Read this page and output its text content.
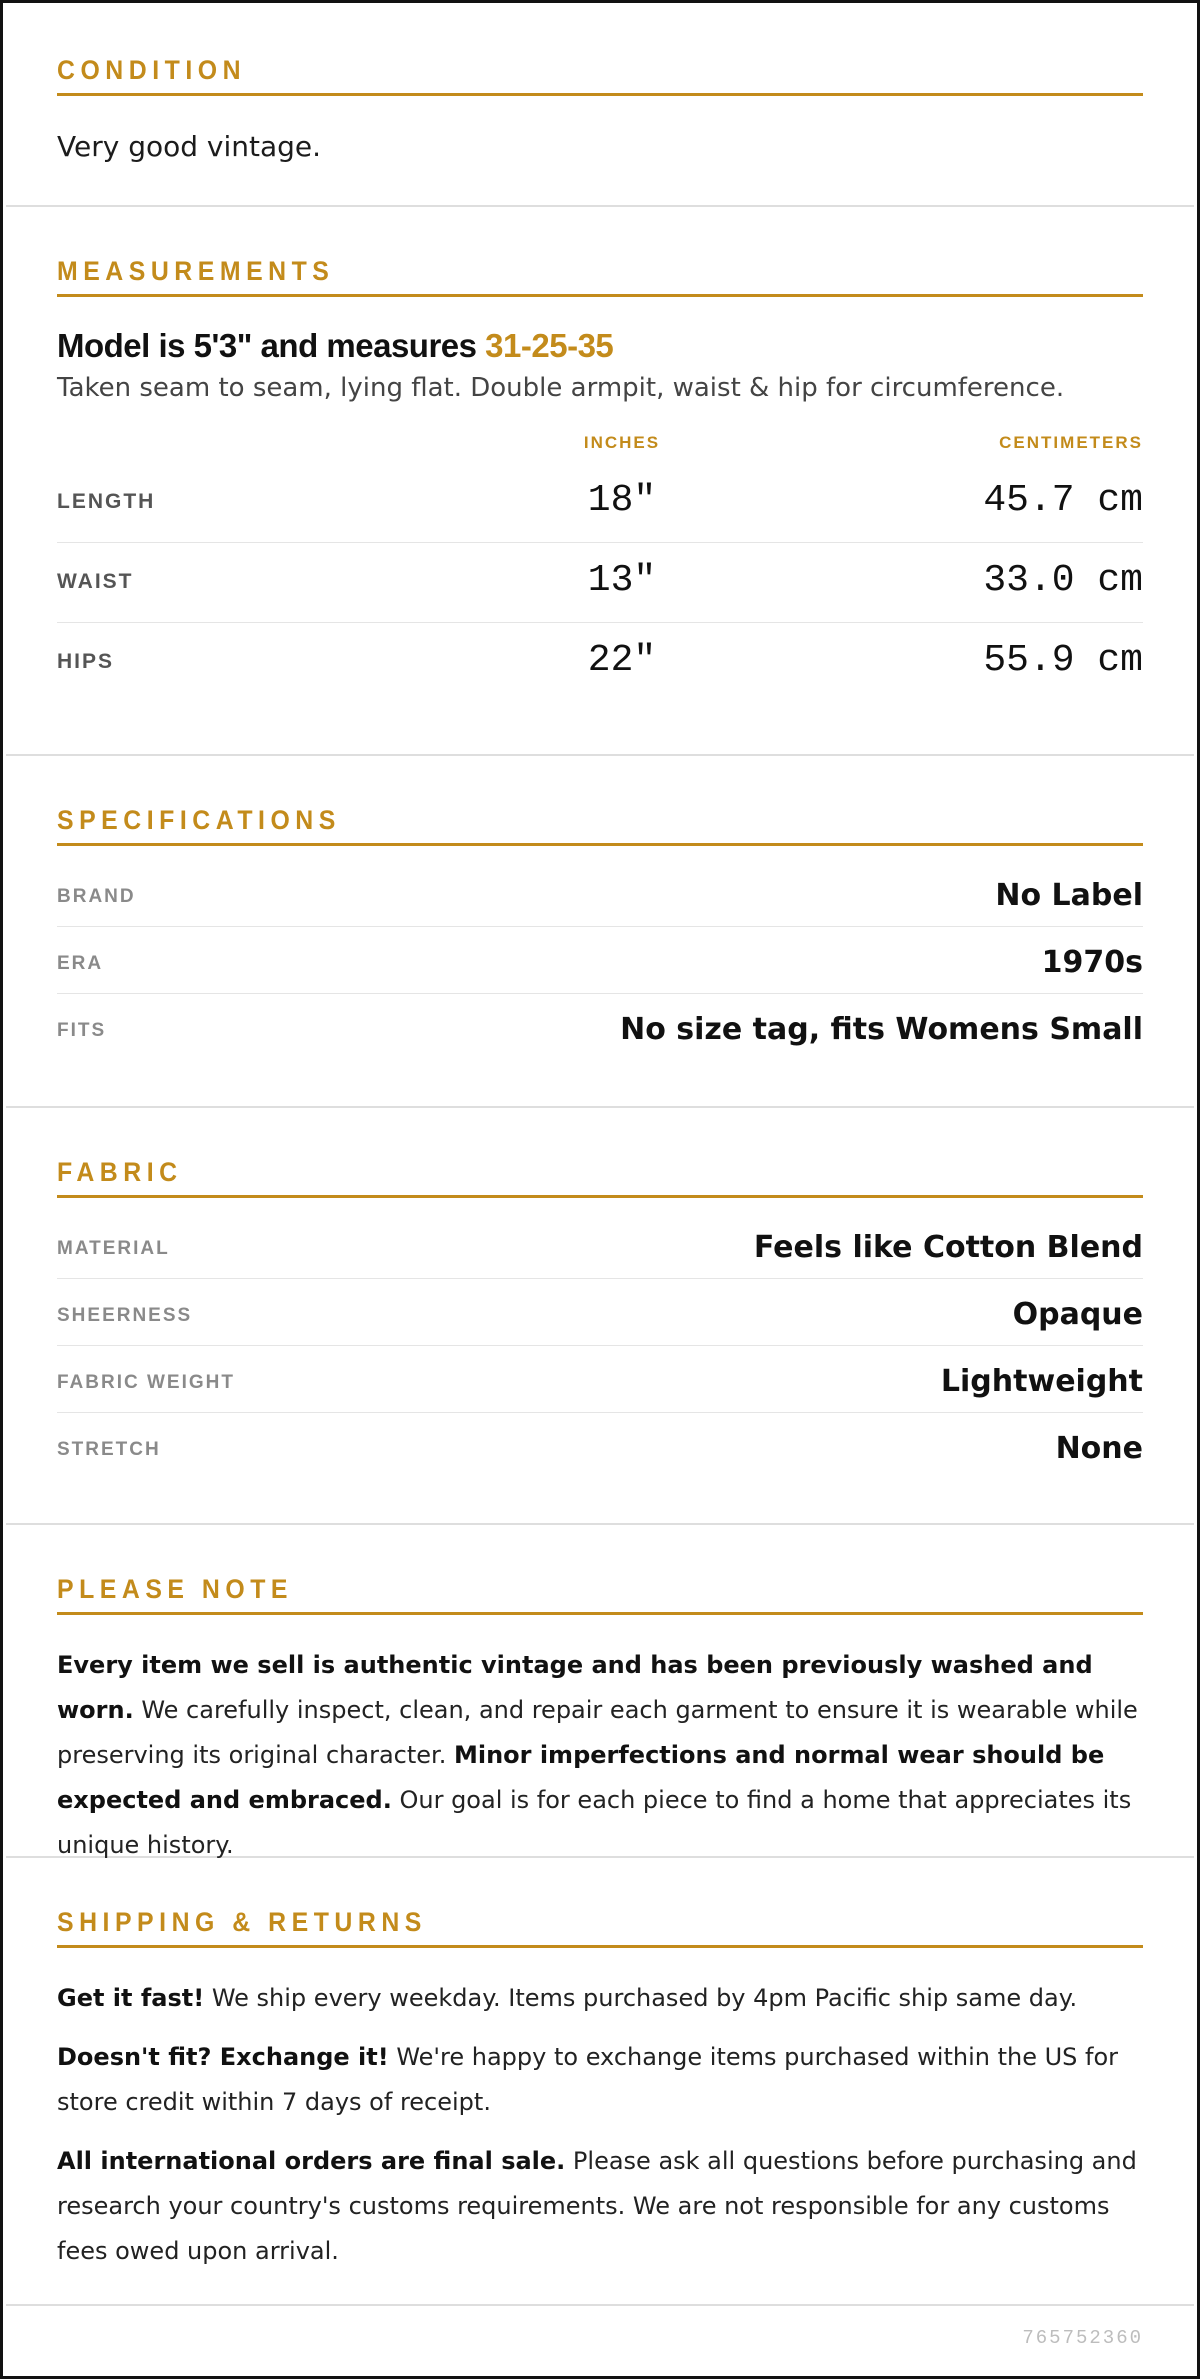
CONDITION
Very good vintage.
MEASUREMENTS
Model is 5'3" and measures 31-25-35
Taken seam to seam, lying flat. Double armpit, waist & hip for circumference.
INCHES	CENTIMETERS
LENGTH	18"	45.7 cm
WAIST	13"	33.0 cm
HIPS	22"	55.9 cm
SPECIFICATIONS
BRAND	No Label
ERA	1970s
FITS	No size tag, fits Womens Small
FABRIC
MATERIAL	Feels like Cotton Blend
SHEERNESS	Opaque
FABRIC WEIGHT	Lightweight
STRETCH	None
PLEASE NOTE

Every item we sell is authentic vintage and has been previously washed and worn. We carefully inspect, clean, and repair each garment to ensure it is wearable while preserving its original character. Minor imperfections and normal wear should be expected and embraced. Our goal is for each piece to find a home that appreciates its unique history.

SHIPPING & RETURNS

Get it fast! We ship every weekday. Items purchased by 4pm Pacific ship same day.

Doesn't fit? Exchange it! We're happy to exchange items purchased within the US for store credit within 7 days of receipt.

All international orders are final sale. Please ask all questions before purchasing and research your country's customs requirements. We are not responsible for any customs fees owed upon arrival.

765752360
